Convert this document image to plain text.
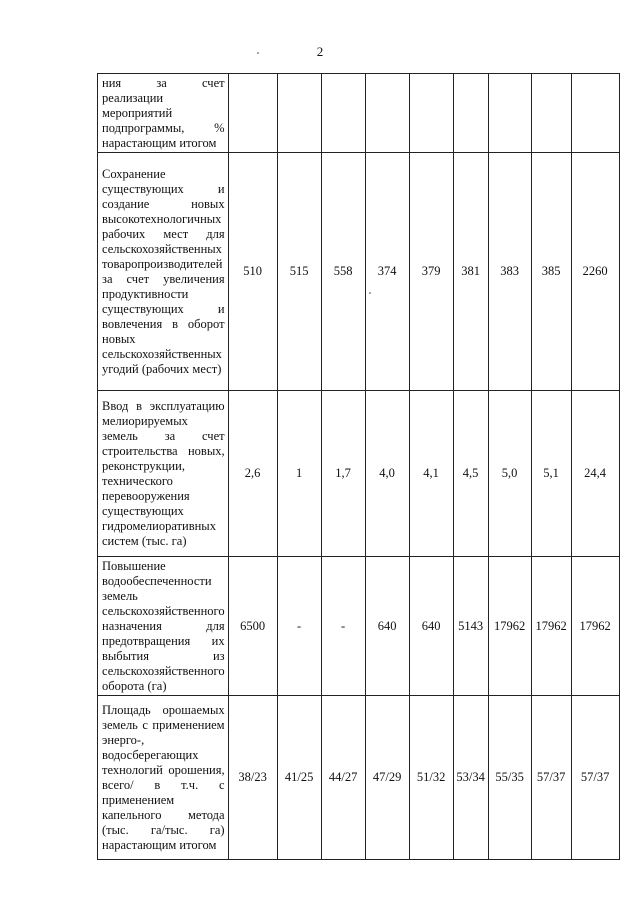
2
ния за счет реализации мероприятий подпрограммы, % нарастающим итогом									
Сохранение существующих и создание новых высокотехнологичных рабочих мест для сельскохозяйственных товаропроизводителей за счет увеличения продуктивности существующих и вовлечения в оборот новых сельскохозяйственных угодий (рабочих мест)	510	515	558	374	379	381	383	385	2260
Ввод в эксплуатацию мелиорируемых земель за счет строительства новых, реконструкции, технического перевооружения существующих гидромелиоративных систем (тыс. га)	2,6	1	1,7	4,0	4,1	4,5	5,0	5,1	24,4
Повышение водообеспеченности земель сельскохозяйственного назначения для предотвращения их выбытия из сельскохозяйственного оборота (га)	6500	-	-	640	640	5143	17962	17962	17962
Площадь орошаемых земель с применением энерго-, водосберегающих технологий орошения, всего/ в т.ч. с применением капельного метода (тыс. га/тыс. га) нарастающим итогом	38/23	41/25	44/27	47/29	51/32	53/34	55/35	57/37	57/37
